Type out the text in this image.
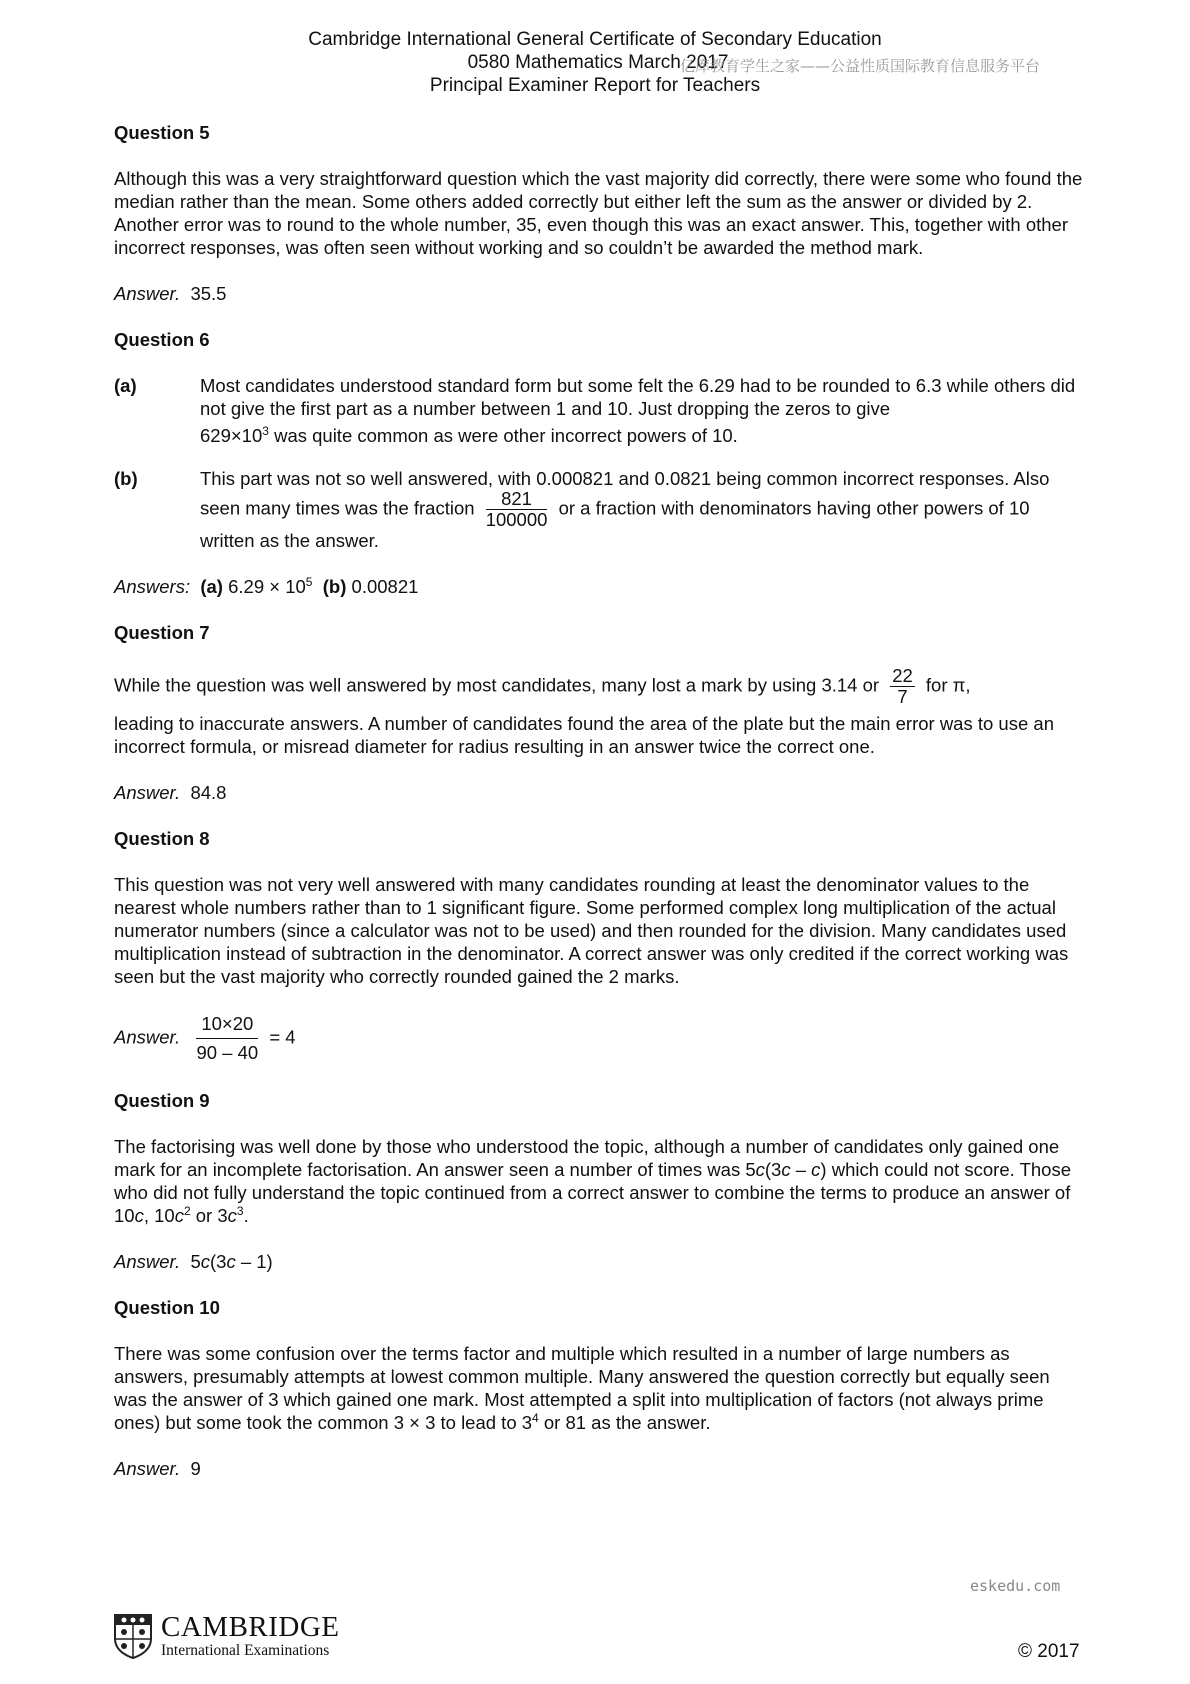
Cambridge International General Certificate of Secondary Education
0580 Mathematics March 2017
Principal Examiner Report for Teachers
亿库教育学生之家——公益性质国际教育信息服务平台
Question 5

Although this was a very straightforward question which the vast majority did correctly, there were some who found the median rather than the mean. Some others added correctly but either left the sum as the answer or divided by 2. Another error was to round to the whole number, 35, even though this was an exact answer. This, together with other incorrect responses, was often seen without working and so couldn’t be awarded the method mark.

Answer. 35.5
Question 6
(a)	Most candidates understood standard form but some felt the 6.29 had to be rounded to 6.3 while others did not give the first part as a number between 1 and 10. Just dropping the zeros to give
$629\times 10^3$ was quite common as were other incorrect powers of 10.
(b)	This part was not so well answered, with 0.000821 and 0.0821 being common incorrect responses. Also seen many times was the fraction $\frac{821}{100000}$ or a fraction with denominators having other powers of 10 written as the answer.
Answers: (a) $6.29 \times 10^5$ (b) 0.00821
Question 7

While the question was well answered by most candidates, many lost a mark by using 3.14 or $\frac{22}{7}$ for π,
leading to inaccurate answers. A number of candidates found the area of the plate but the main error was to use an incorrect formula, or misread diameter for radius resulting in an answer twice the correct one.

Answer. 84.8
Question 8

This question was not very well answered with many candidates rounding at least the denominator values to the nearest whole numbers rather than to 1 significant figure. Some performed complex long multiplication of the actual numerator numbers (since a calculator was not to be used) and then rounded for the division. Many candidates used multiplication instead of subtraction in the denominator. A correct answer was only credited if the correct working was seen but the vast majority who correctly rounded gained the 2 marks.

Answer. $\frac{10\times 20}{90 - 40} = 4$
Question 9

The factorising was well done by those who understood the topic, although a number of candidates only gained one mark for an incomplete factorisation. An answer seen a number of times was 5c(3c – c) which could not score. Those who did not fully understand the topic continued from a correct answer to combine the terms to produce an answer of 10c, $10c^2$ or $3c^3$.

Answer. 5c(3c – 1)
Question 10

There was some confusion over the terms factor and multiple which resulted in a number of large numbers as answers, presumably attempts at lowest common multiple. Many answered the question correctly but equally seen was the answer of 3 which gained one mark. Most attempted a split into multiplication of factors (not always prime ones) but some took the common 3 × 3 to lead to $3^4$ or 81 as the answer.

Answer. 9
eskedu.com
CAMBRIDGE
International Examinations	© 2017
